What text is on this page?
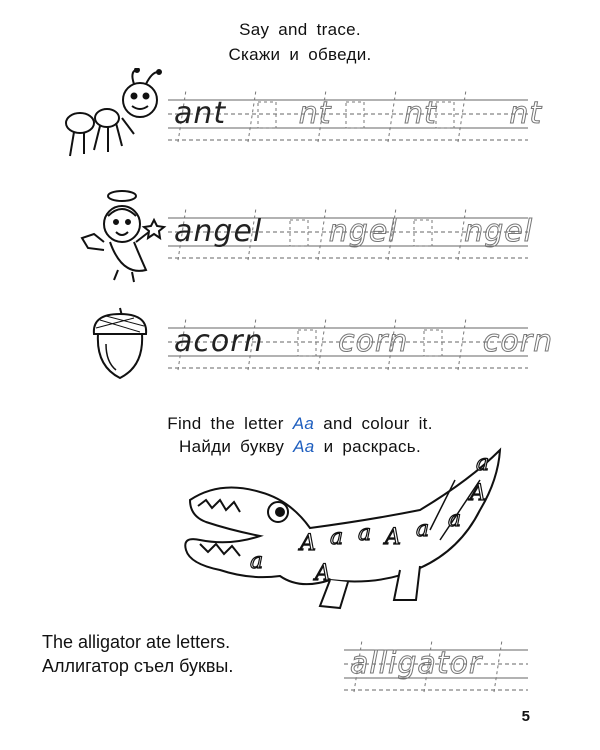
Say and trace.
Скажи и обведи.
ant nt nt nt
angel ngel ngel
acorn corn corn
Find the letter Aa and colour it.
Найди букву Aa и раскрась.
A a a A a a
A
a
a A
The alligator ate letters.
Аллигатор съел буквы.	alligator
5
